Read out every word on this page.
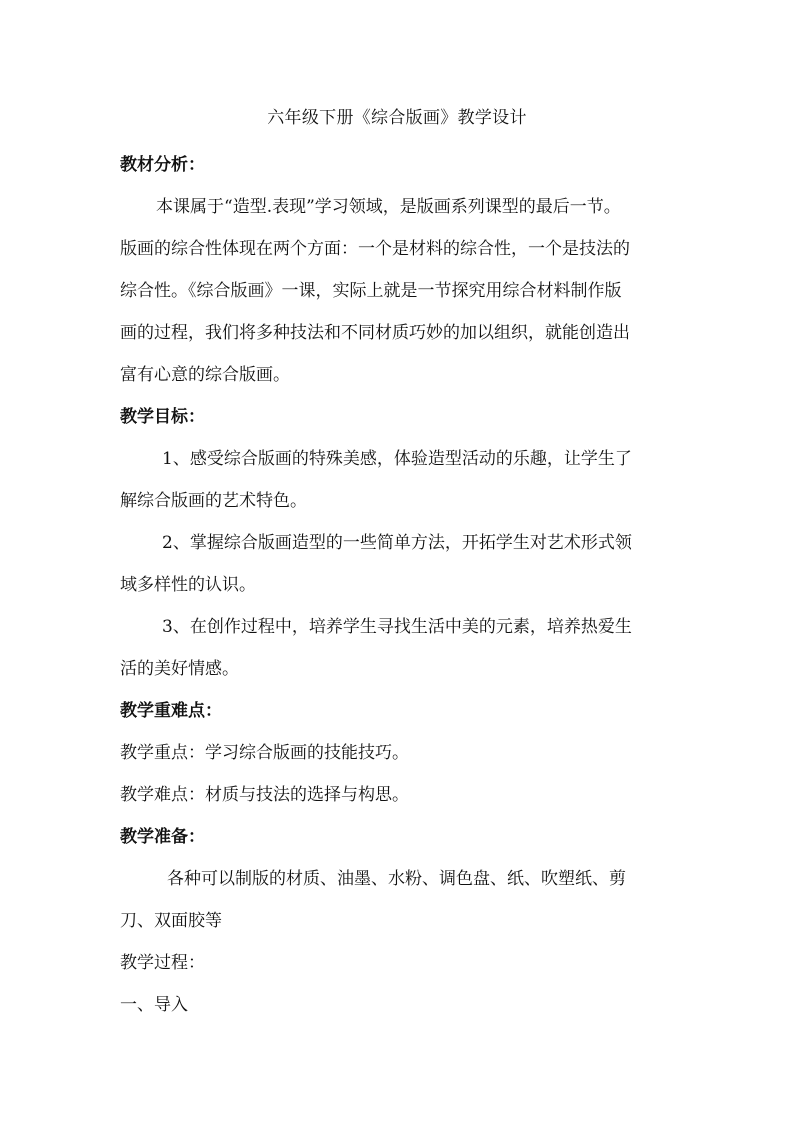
六年级下册《综合版画》教学设计
教材分析：
本课属于“造型.表现”学习领域，是版画系列课型的最后一节。
版画的综合性体现在两个方面：一个是材料的综合性，一个是技法的
综合性。《综合版画》一课，实际上就是一节探究用综合材料制作版
画的过程，我们将多种技法和不同材质巧妙的加以组织，就能创造出
富有心意的综合版画。
教学目标：
1、感受综合版画的特殊美感，体验造型活动的乐趣，让学生了
解综合版画的艺术特色。
2、掌握综合版画造型的一些简单方法，开拓学生对艺术形式领
域多样性的认识。
3、在创作过程中，培养学生寻找生活中美的元素，培养热爱生
活的美好情感。
教学重难点：
教学重点：学习综合版画的技能技巧。
教学难点：材质与技法的选择与构思。
教学准备：
各种可以制版的材质、油墨、水粉、调色盘、纸、吹塑纸、剪
刀、双面胶等
教学过程：
一、导入
